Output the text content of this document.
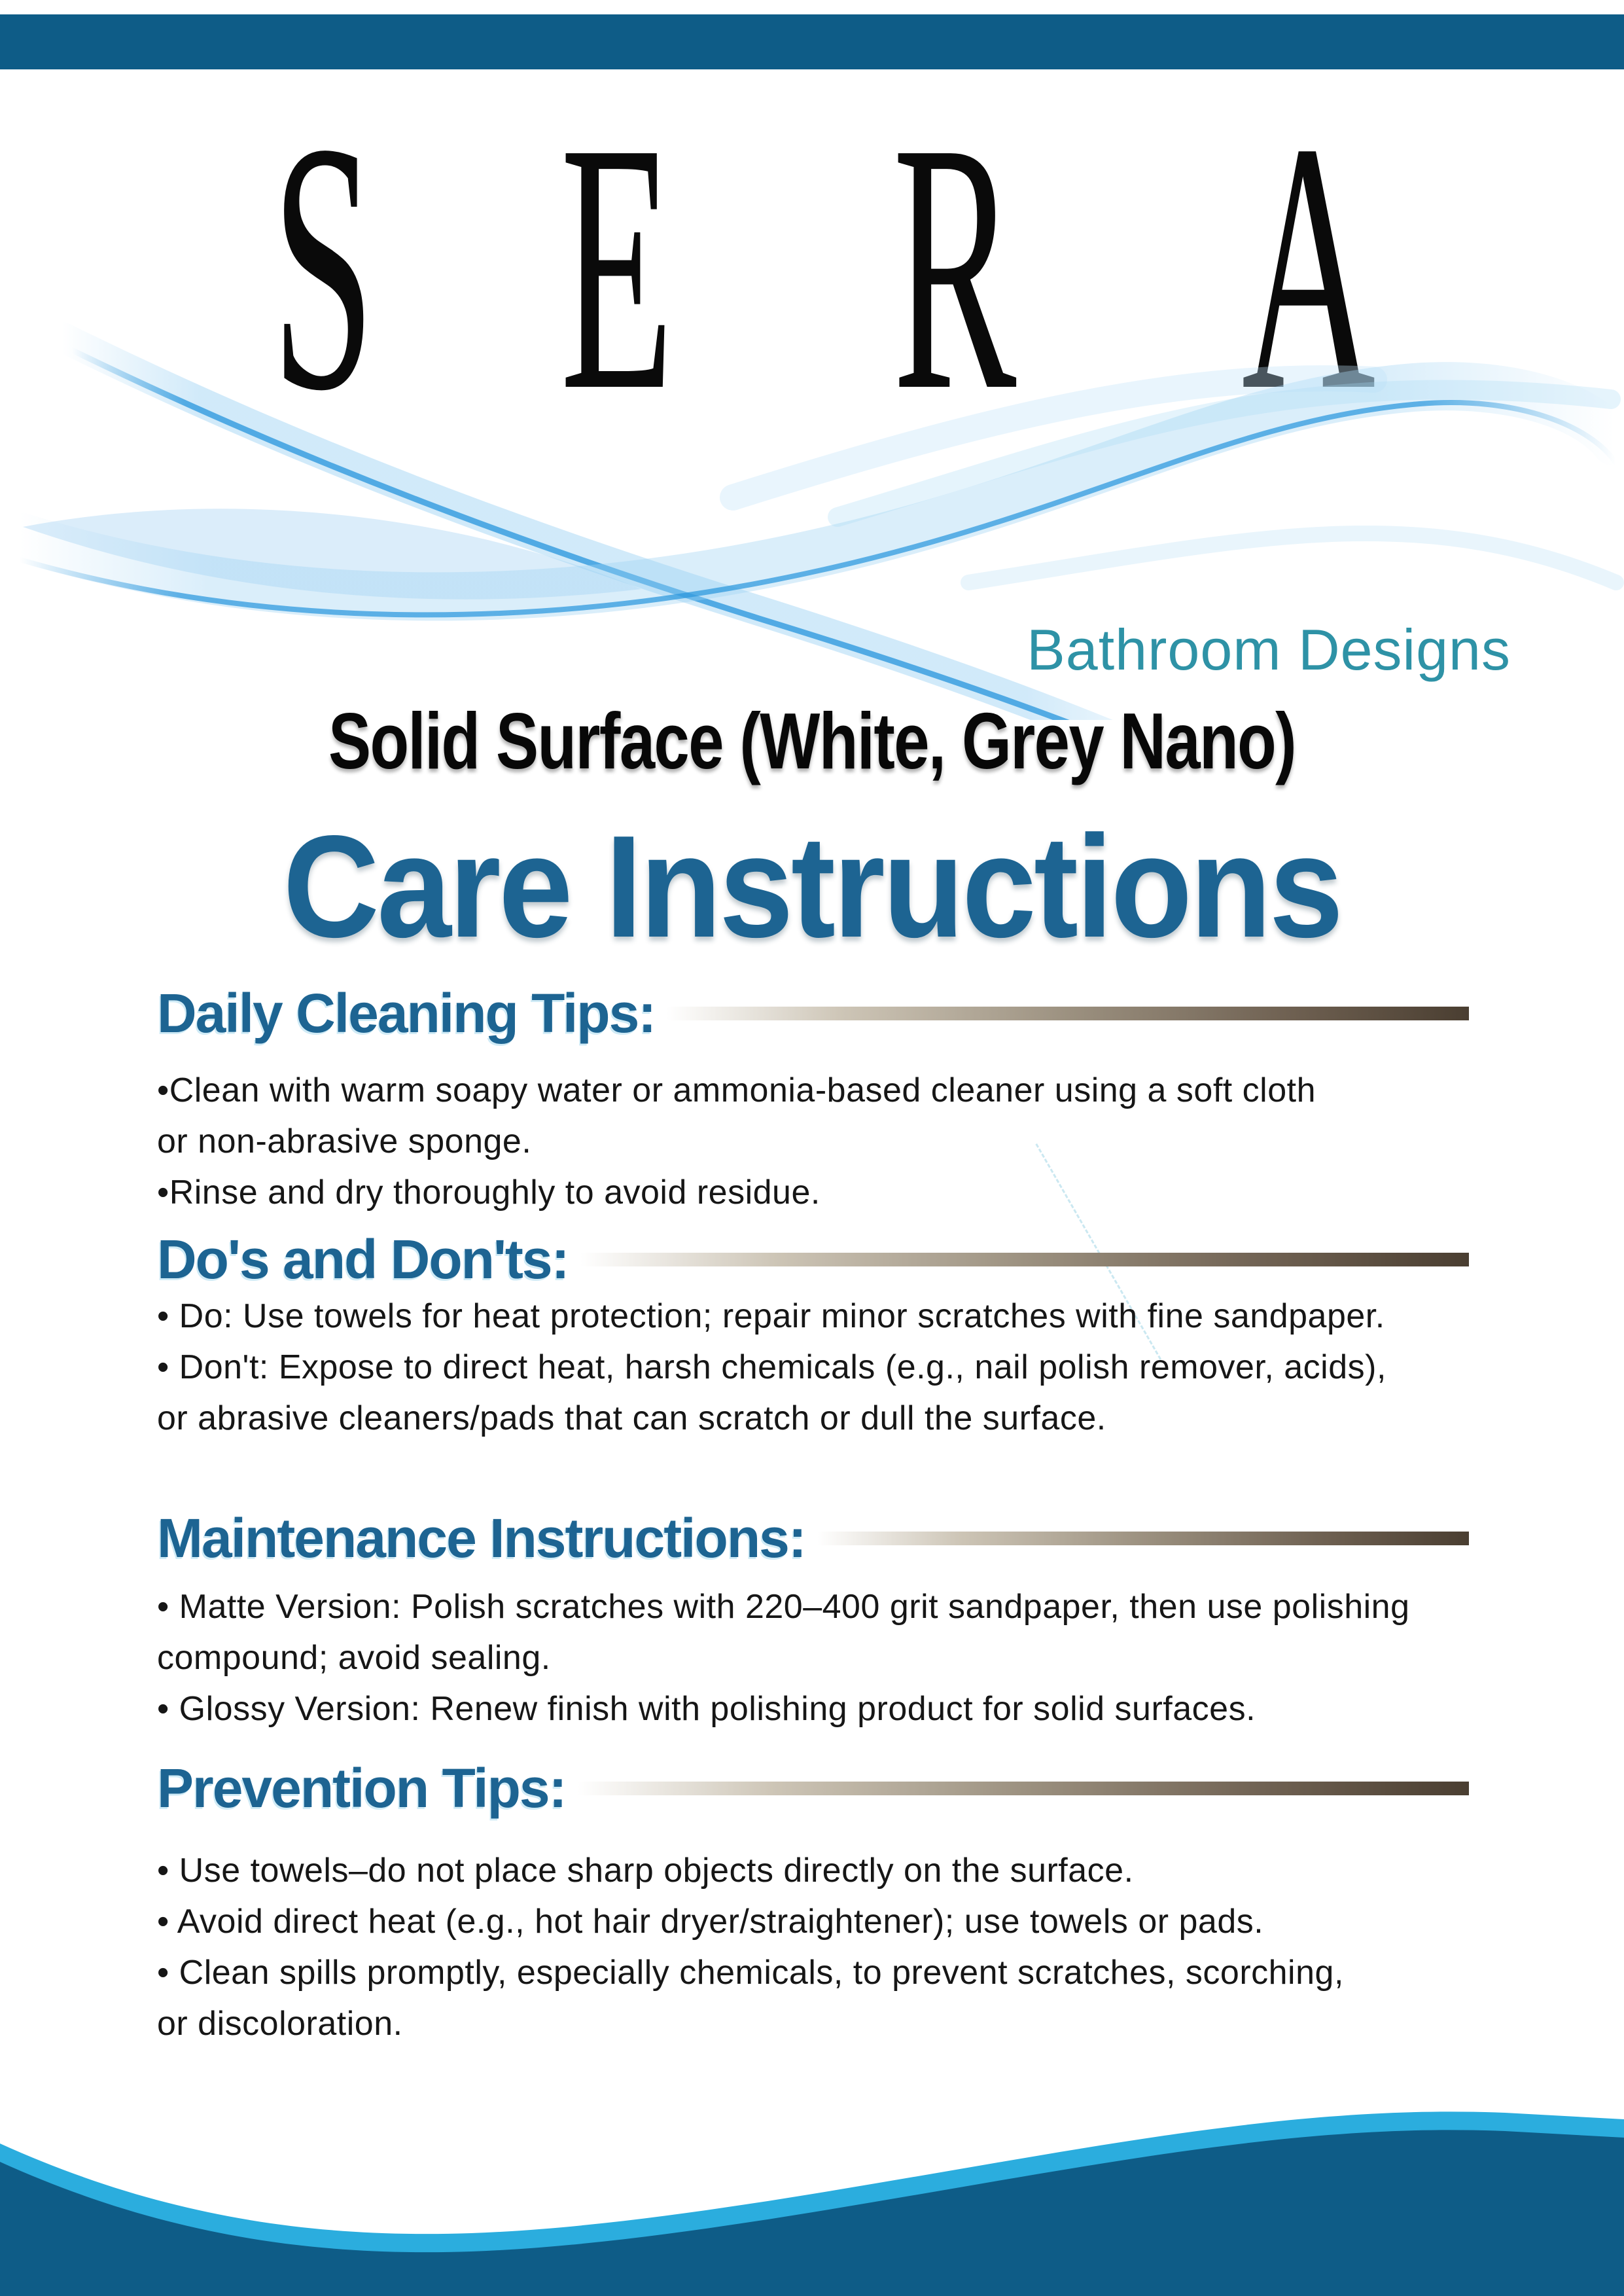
S E R A
Bathroom Designs
Solid Surface (White, Grey Nano)
Care Instructions
Daily Cleaning Tips:
•Clean with warm soapy water or ammonia-based cleaner using a soft cloth
or non-abrasive sponge.
•Rinse and dry thoroughly to avoid residue.
Do's and Don'ts:
• Do: Use towels for heat protection; repair minor scratches with fine sandpaper.
• Don't: Expose to direct heat, harsh chemicals (e.g., nail polish remover, acids),
or abrasive cleaners/pads that can scratch or dull the surface.
Maintenance Instructions:
• Matte Version: Polish scratches with 220–400 grit sandpaper, then use polishing
compound; avoid sealing.
• Glossy Version: Renew finish with polishing product for solid surfaces.
Prevention Tips:
• Use towels–do not place sharp objects directly on the surface.
• Avoid direct heat (e.g., hot hair dryer/straightener); use towels or pads.
• Clean spills promptly, especially chemicals, to prevent scratches, scorching,
or discoloration.
